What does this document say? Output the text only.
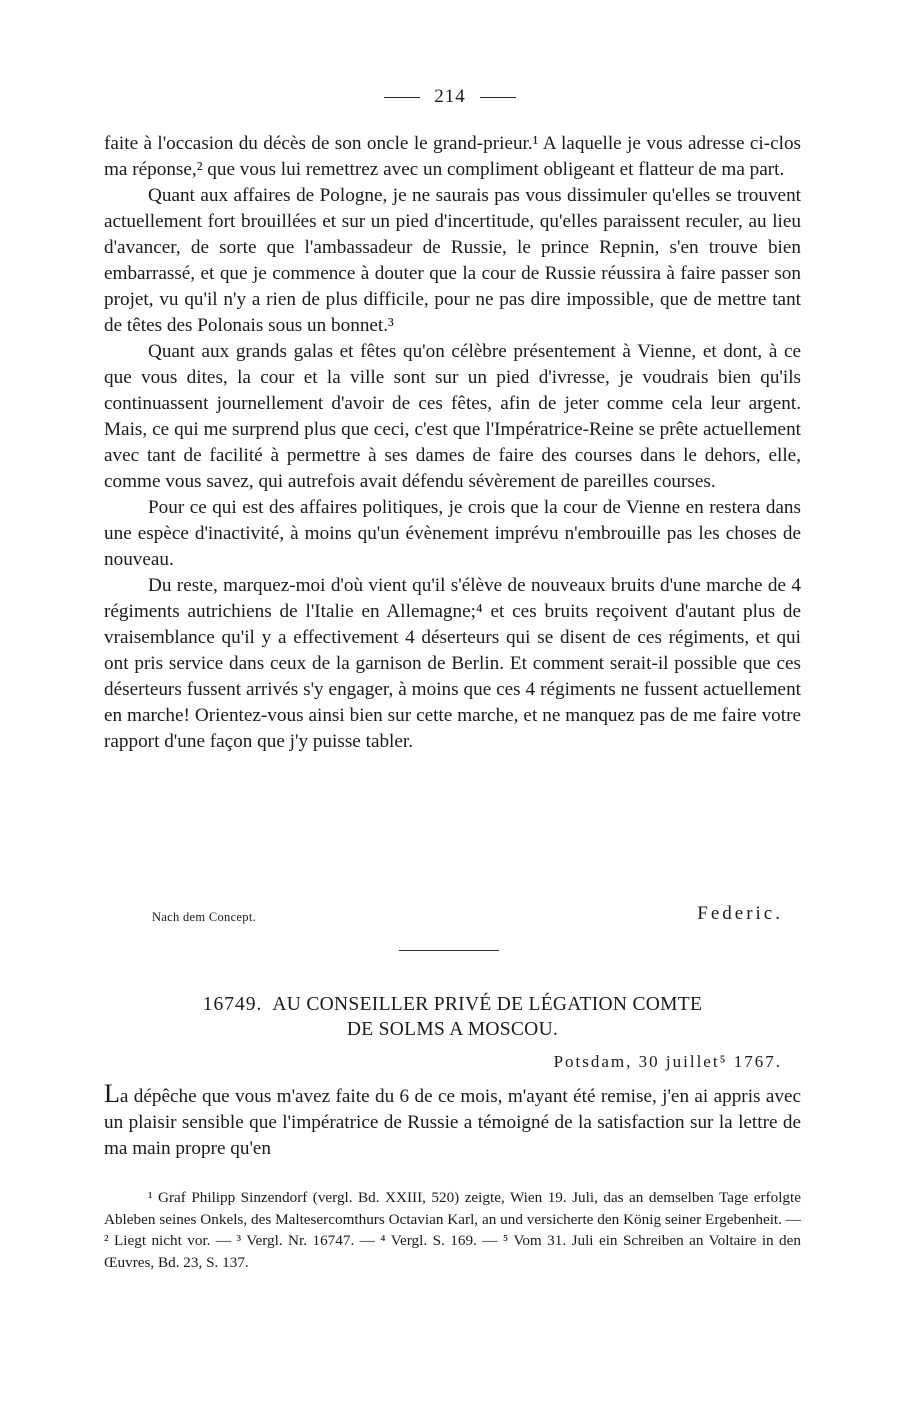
214

faite à l'occasion du décès de son oncle le grand-prieur.¹ A laquelle je vous adresse ci-clos ma réponse,² que vous lui remettrez avec un compliment obligeant et flatteur de ma part.

Quant aux affaires de Pologne, je ne saurais pas vous dissimuler qu'elles se trouvent actuellement fort brouillées et sur un pied d'incertitude, qu'elles paraissent reculer, au lieu d'avancer, de sorte que l'ambassadeur de Russie, le prince Repnin, s'en trouve bien embarrassé, et que je commence à douter que la cour de Russie réussira à faire passer son projet, vu qu'il n'y a rien de plus difficile, pour ne pas dire impossible, que de mettre tant de têtes des Polonais sous un bonnet.³

Quant aux grands galas et fêtes qu'on célèbre présentement à Vienne, et dont, à ce que vous dites, la cour et la ville sont sur un pied d'ivresse, je voudrais bien qu'ils continuassent journellement d'avoir de ces fêtes, afin de jeter comme cela leur argent. Mais, ce qui me surprend plus que ceci, c'est que l'Impératrice-Reine se prête actuellement avec tant de facilité à permettre à ses dames de faire des courses dans le dehors, elle, comme vous savez, qui autrefois avait défendu sévèrement de pareilles courses.

Pour ce qui est des affaires politiques, je crois que la cour de Vienne en restera dans une espèce d'inactivité, à moins qu'un évènement imprévu n'embrouille pas les choses de nouveau.

Du reste, marquez-moi d'où vient qu'il s'élève de nouveaux bruits d'une marche de 4 régiments autrichiens de l'Italie en Allemagne;⁴ et ces bruits reçoivent d'autant plus de vraisemblance qu'il y a effectivement 4 déserteurs qui se disent de ces régiments, et qui ont pris service dans ceux de la garnison de Berlin. Et comment serait-il possible que ces déserteurs fussent arrivés s'y engager, à moins que ces 4 régiments ne fussent actuellement en marche! Orientez-vous ainsi bien sur cette marche, et ne manquez pas de me faire votre rapport d'une façon que j'y puisse tabler.

Nach dem Concept.	Federic.
16749. AU CONSEILLER PRIVÉ DE LÉGATION COMTE
DE SOLMS A MOSCOU.
Potsdam, 30 juillet⁵ 1767.
La dépêche que vous m'avez faite du 6 de ce mois, m'ayant été remise, j'en ai appris avec un plaisir sensible que l'impératrice de Russie a témoigné de la satisfaction sur la lettre de ma main propre qu'en

¹ Graf Philipp Sinzendorf (vergl. Bd. XXIII, 520) zeigte, Wien 19. Juli, das an demselben Tage erfolgte Ableben seines Onkels, des Maltesercomthurs Octavian Karl, an und versicherte den König seiner Ergebenheit. — ² Liegt nicht vor. — ³ Vergl. Nr. 16747. — ⁴ Vergl. S. 169. — ⁵ Vom 31. Juli ein Schreiben an Voltaire in den Œuvres, Bd. 23, S. 137.
